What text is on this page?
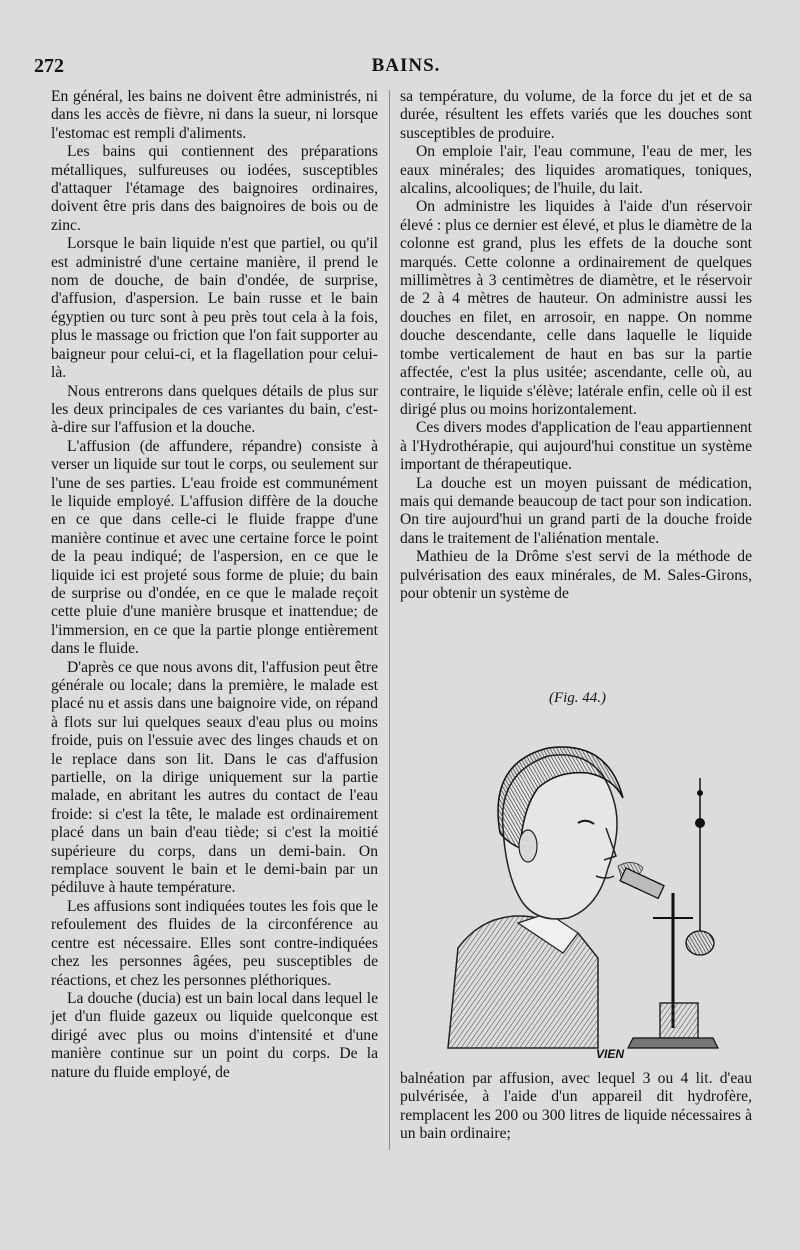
272	BAINS.

En général, les bains ne doivent être administrés, ni dans les accès de fièvre, ni dans la sueur, ni lorsque l'estomac est rempli d'aliments.

Les bains qui contiennent des préparations métalliques, sulfureuses ou iodées, susceptibles d'attaquer l'étamage des baignoires ordinaires, doivent être pris dans des baignoires de bois ou de zinc.

Lorsque le bain liquide n'est que partiel, ou qu'il est administré d'une certaine manière, il prend le nom de douche, de bain d'ondée, de surprise, d'affusion, d'aspersion. Le bain russe et le bain égyptien ou turc sont à peu près tout cela à la fois, plus le massage ou friction que l'on fait supporter au baigneur pour celui-ci, et la flagellation pour celui-là.

Nous entrerons dans quelques détails de plus sur les deux principales de ces variantes du bain, c'est-à-dire sur l'affusion et la douche.

L'affusion (de affundere, répandre) consiste à verser un liquide sur tout le corps, ou seulement sur l'une de ses parties. L'eau froide est communément le liquide employé. L'affusion diffère de la douche en ce que dans celle-ci le fluide frappe d'une manière continue et avec une certaine force le point de la peau indiqué; de l'aspersion, en ce que le liquide ici est projeté sous forme de pluie; du bain de surprise ou d'ondée, en ce que le malade reçoit cette pluie d'une manière brusque et inattendue; de l'immersion, en ce que la partie plonge entièrement dans le fluide.

D'après ce que nous avons dit, l'affusion peut être générale ou locale; dans la première, le malade est placé nu et assis dans une baignoire vide, on répand à flots sur lui quelques seaux d'eau plus ou moins froide, puis on l'essuie avec des linges chauds et on le replace dans son lit. Dans le cas d'affusion partielle, on la dirige uniquement sur la partie malade, en abritant les autres du contact de l'eau froide: si c'est la tête, le malade est ordinairement placé dans un bain d'eau tiède; si c'est la moitié supérieure du corps, dans un demi-bain. On remplace souvent le bain et le demi-bain par un pédiluve à haute température.

Les affusions sont indiquées toutes les fois que le refoulement des fluides de la circonférence au centre est nécessaire. Elles sont contre-indiquées chez les personnes âgées, peu susceptibles de réactions, et chez les personnes pléthoriques.

La douche (ducia) est un bain local dans lequel le jet d'un fluide gazeux ou liquide quelconque est dirigé avec plus ou moins d'intensité et d'une manière continue sur un point du corps. De la nature du fluide employé, de

sa température, du volume, de la force du jet et de sa durée, résultent les effets variés que les douches sont susceptibles de produire.

On emploie l'air, l'eau commune, l'eau de mer, les eaux minérales; des liquides aromatiques, toniques, alcalins, alcooliques; de l'huile, du lait.

On administre les liquides à l'aide d'un réservoir élevé : plus ce dernier est élevé, et plus le diamètre de la colonne est grand, plus les effets de la douche sont marqués. Cette colonne a ordinairement de quelques millimètres à 3 centimètres de diamètre, et le réservoir de 2 à 4 mètres de hauteur. On administre aussi les douches en filet, en arrosoir, en nappe. On nomme douche descendante, celle dans laquelle le liquide tombe verticalement de haut en bas sur la partie affectée, c'est la plus usitée; ascendante, celle où, au contraire, le liquide s'élève; latérale enfin, celle où il est dirigé plus ou moins horizontalement.

Ces divers modes d'application de l'eau appartiennent à l'Hydrothérapie, qui aujourd'hui constitue un système important de thérapeutique.

La douche est un moyen puissant de médication, mais qui demande beaucoup de tact pour son indication. On tire aujourd'hui un grand parti de la douche froide dans le traitement de l'aliénation mentale.

Mathieu de la Drôme s'est servi de la méthode de pulvérisation des eaux minérales, de M. Sales-Girons, pour obtenir un système de

(Fig. 44.)
VIEN

balnéation par affusion, avec lequel 3 ou 4 lit. d'eau pulvérisée, à l'aide d'un appareil dit hydrofère, remplacent les 200 ou 300 litres de liquide nécessaires à un bain ordinaire;
